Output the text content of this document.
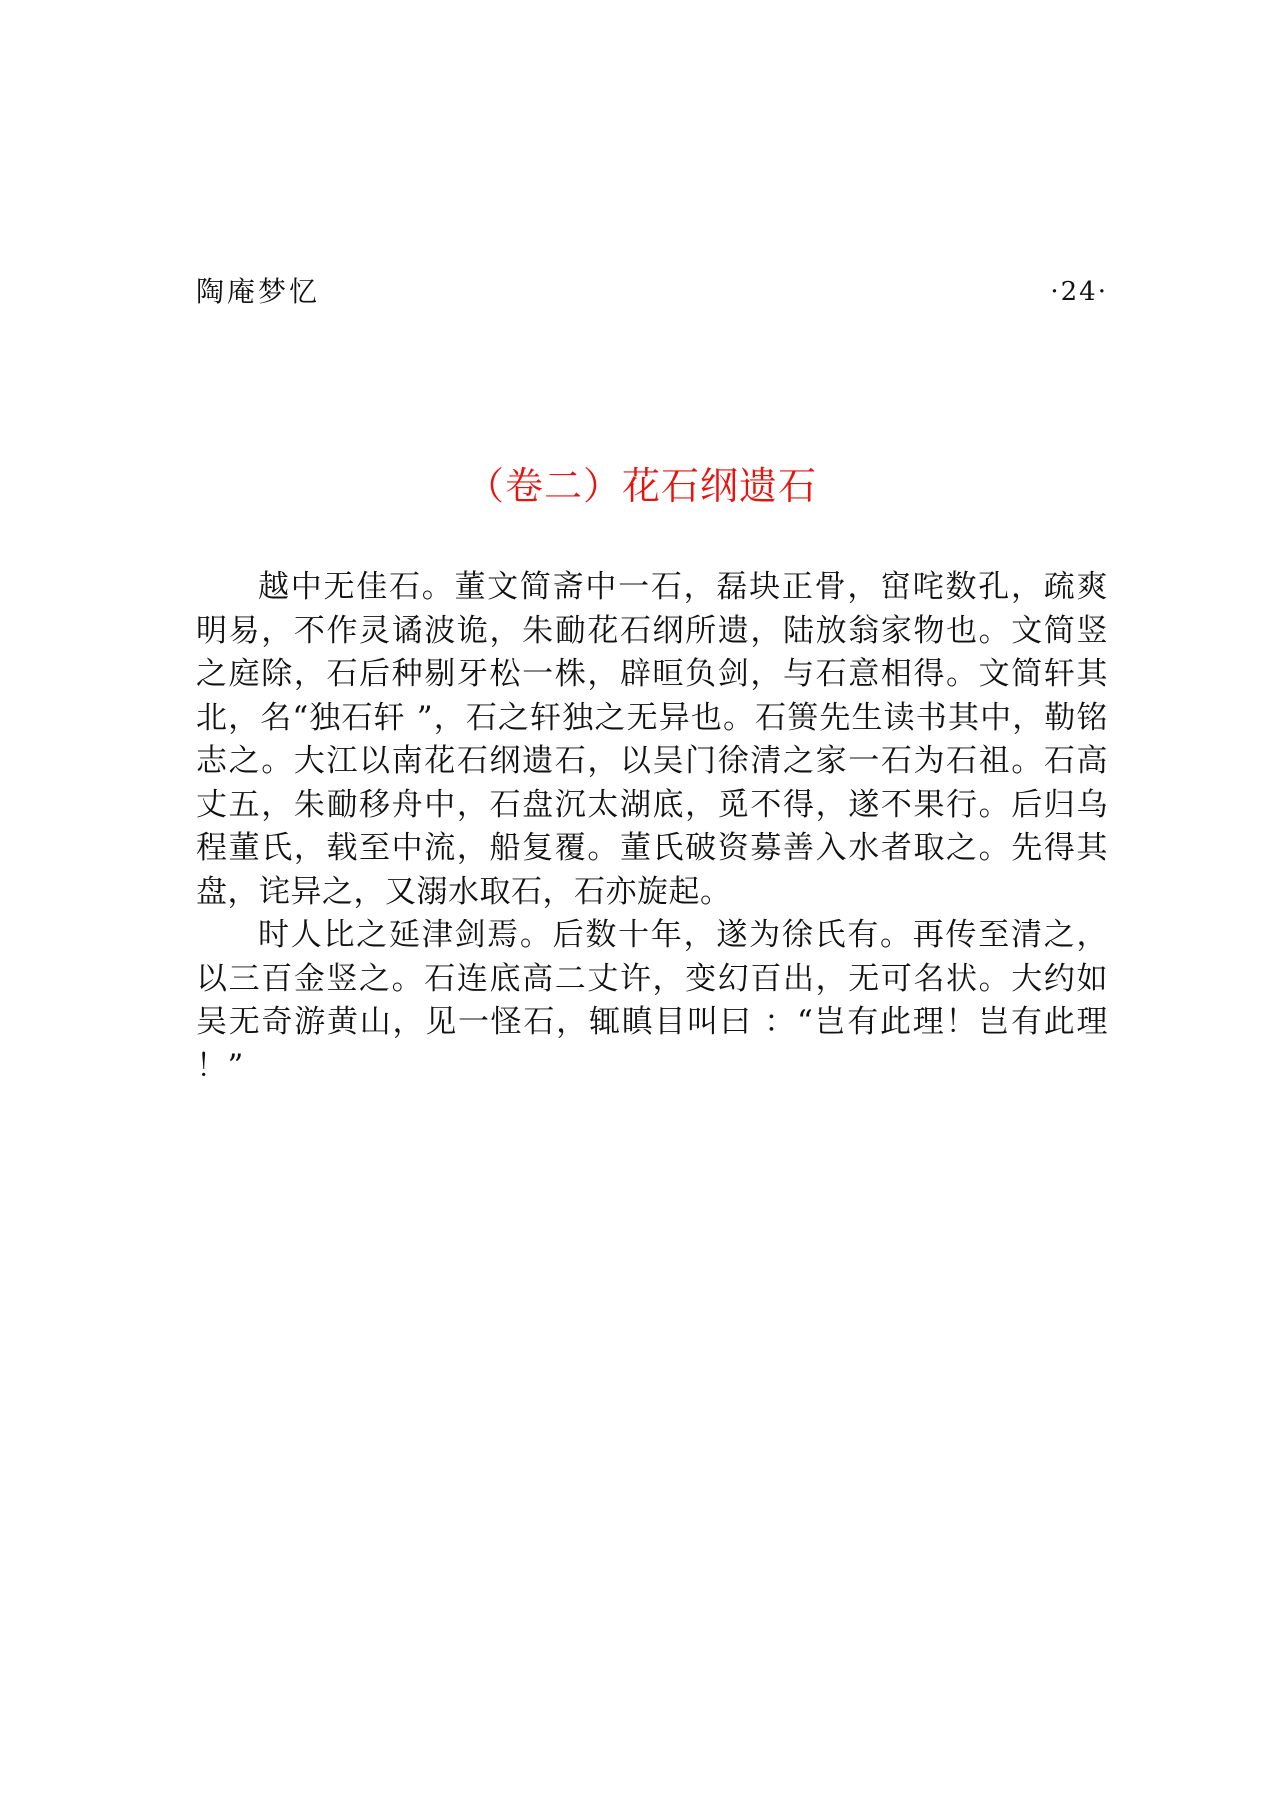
陶庵梦忆	·24·
（卷二）花石纲遗石

越中无佳石。董文简斋中一石，磊块正骨，窋咤数孔，疏爽明易，不作灵谲波诡，朱勔花石纲所遗，陆放翁家物也。文简竖之庭除，石后种剔牙松一株，辟晅负剑，与石意相得。文简轩其北，名“独石轩 ”，石之轩独之无异也。石篑先生读书其中，勒铭志之。大江以南花石纲遗石，以吴门徐清之家一石为石祖。石高丈五，朱勔移舟中，石盘沉太湖底，觅不得，遂不果行。后归乌程董氏，载至中流，船复覆。董氏破资募善入水者取之。先得其盘，诧异之，又溺水取石，石亦旋起。

时人比之延津剑焉。后数十年，遂为徐氏有。再传至清之，以三百金竖之。石连底高二丈许，变幻百出，无可名状。大约如吴无奇游黄山，见一怪石，辄瞋目叫曰 ：“岂有此理！岂有此理 ！”
